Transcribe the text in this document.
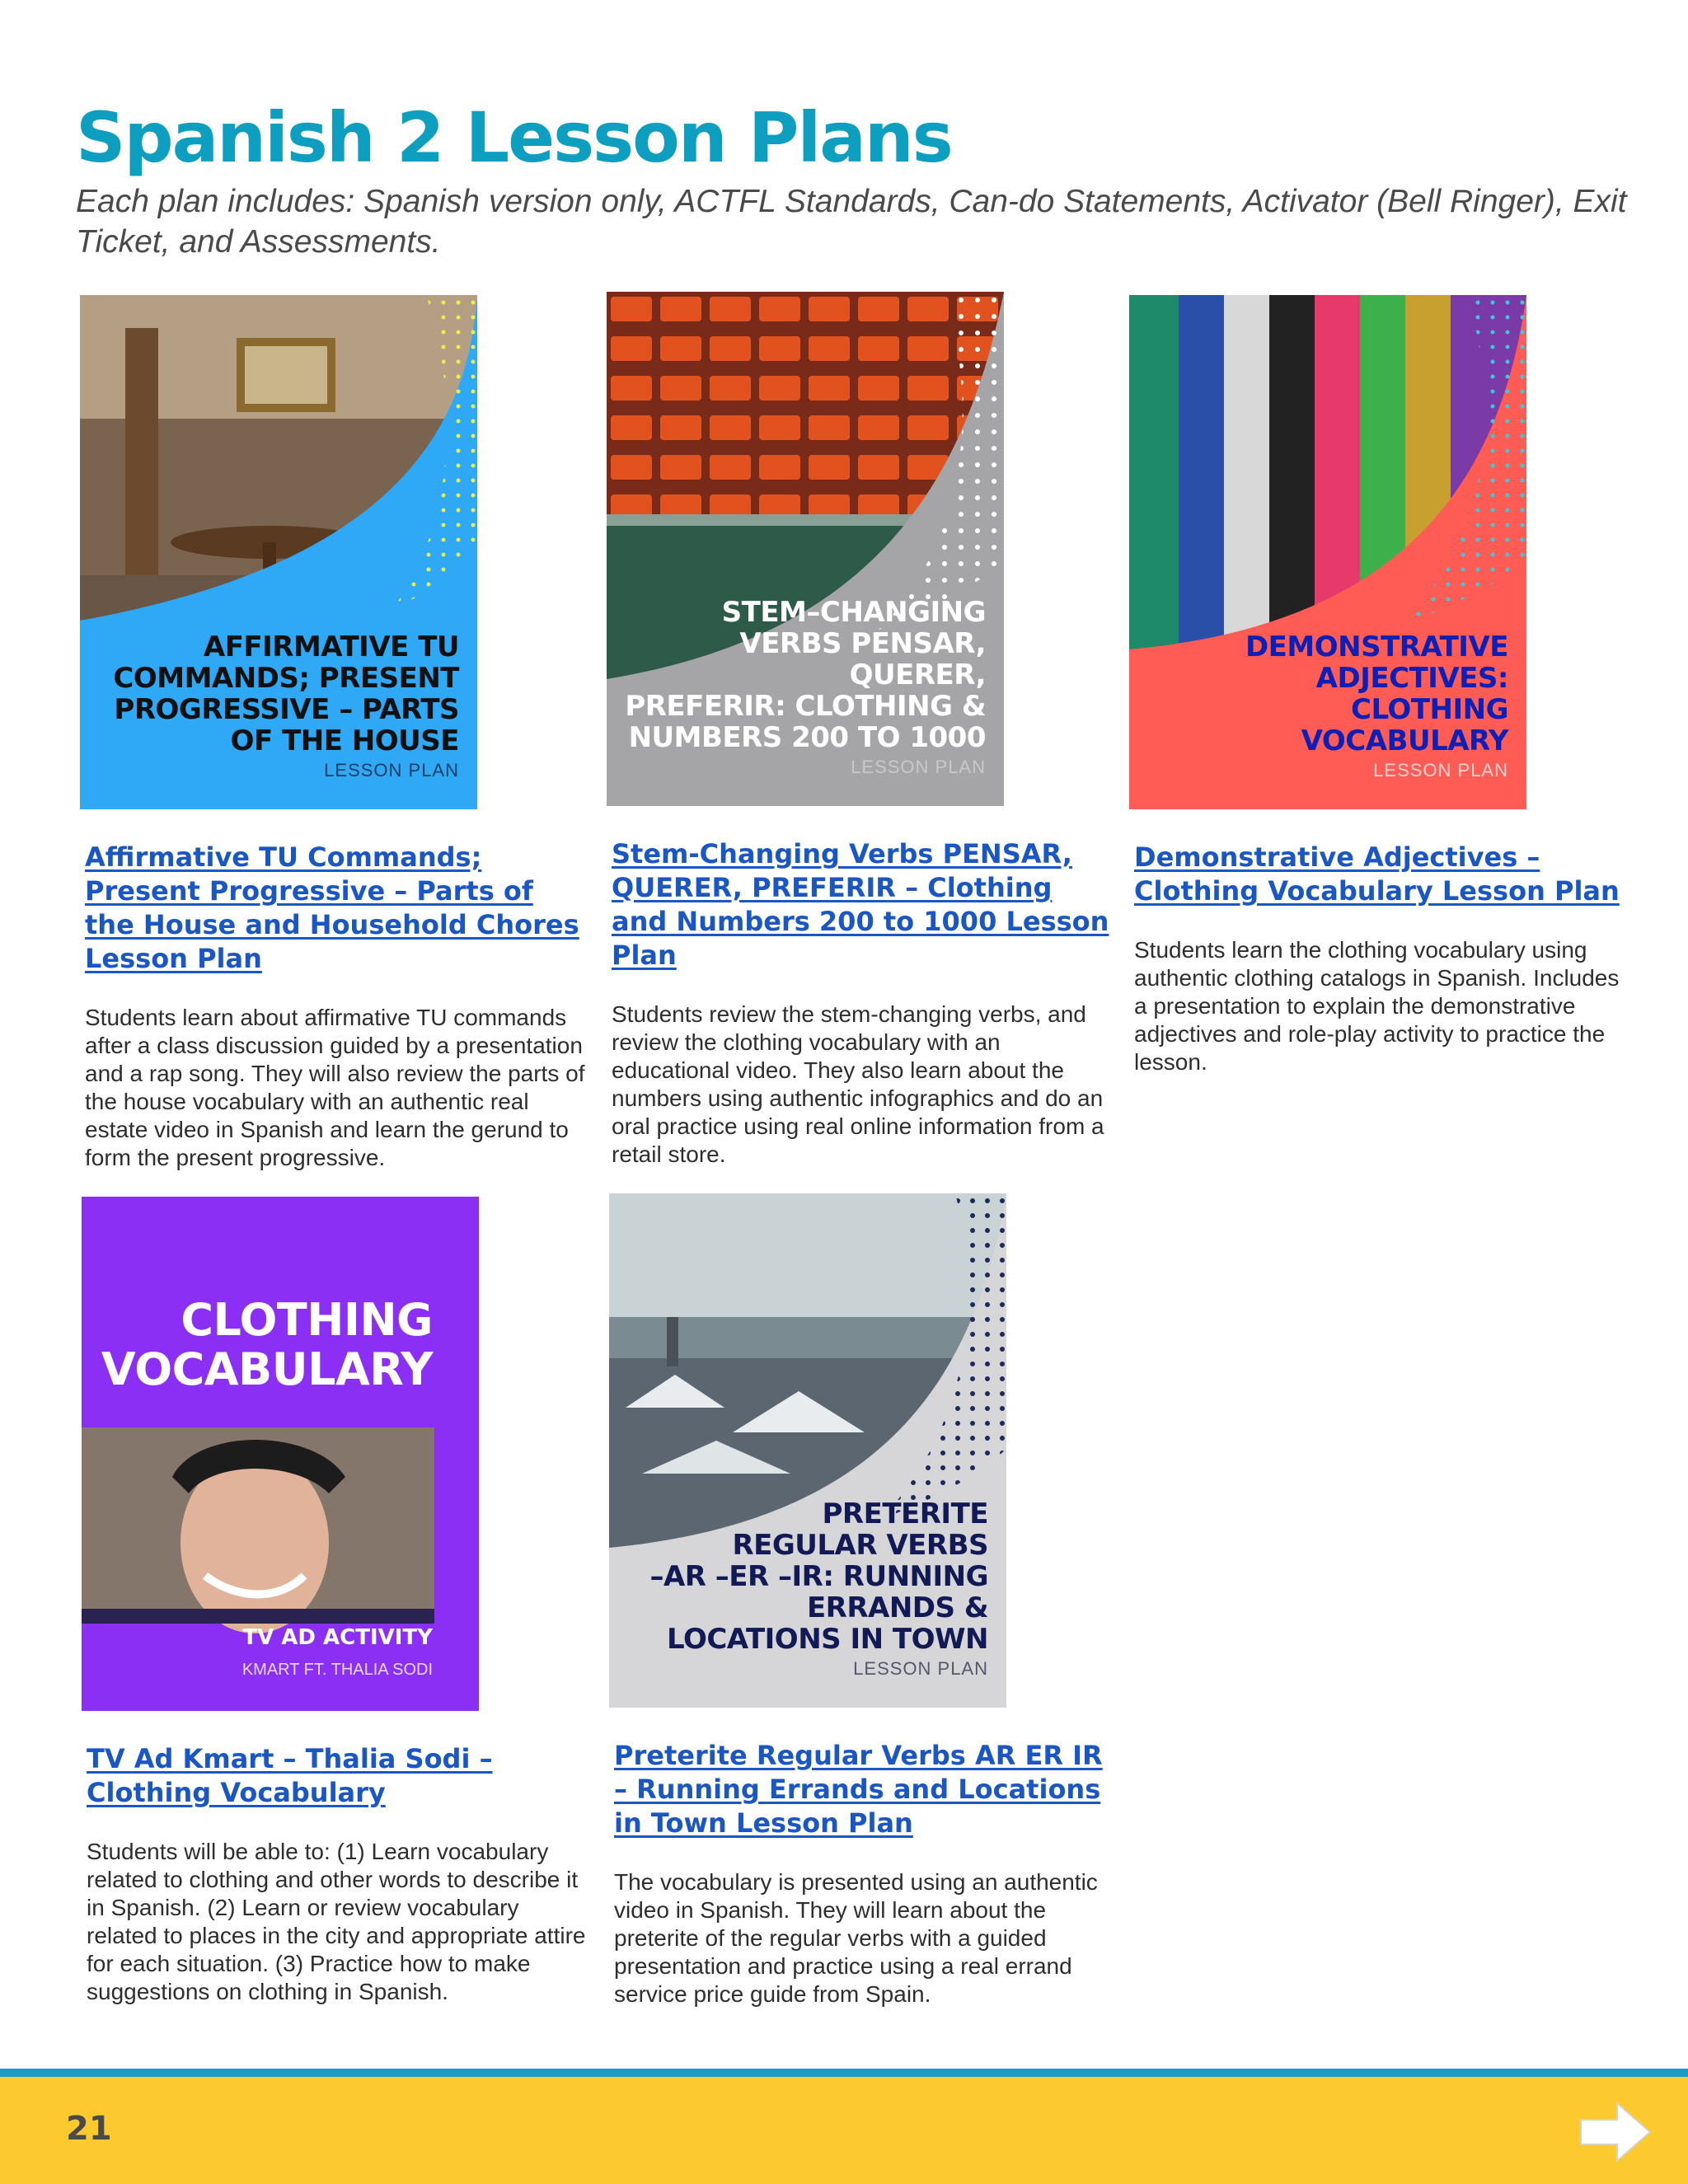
Spanish 2 Lesson Plans
Each plan includes: Spanish version only, ACTFL Standards, Can-do Statements, Activator (Bell Ringer), Exit Ticket, and Assessments.
AFFIRMATIVE TU
COMMANDS; PRESENT
PROGRESSIVE – PARTS
OF THE HOUSE
LESSON PLAN
Affirmative TU Commands; Present Progressive – Parts of the House and Household Chores Lesson Plan

Students learn about affirmative TU commands after a class discussion guided by a presentation and a rap song. They will also review the parts of the house vocabulary with an authentic real estate video in Spanish and learn the gerund to form the present progressive.

STEM–CHANGING
VERBS PENSAR, QUERER,
PREFERIR: CLOTHING &
NUMBERS 200 TO 1000
LESSON PLAN
Stem-Changing Verbs PENSAR, QUERER, PREFERIR – Clothing and Numbers 200 to 1000 Lesson Plan

Students review the stem-changing verbs, and review the clothing vocabulary with an educational video. They also learn about the numbers using authentic infographics and do an oral practice using real online information from a retail store.

DEMONSTRATIVE
ADJECTIVES:
CLOTHING
VOCABULARY
LESSON PLAN
Demonstrative Adjectives – Clothing Vocabulary Lesson Plan

Students learn the clothing vocabulary using authentic clothing catalogs in Spanish. Includes a presentation to explain the demonstrative adjectives and role-play activity to practice the lesson.

CLOTHING
VOCABULARY
TV AD ACTIVITY
KMART FT. THALIA SODI
TV Ad Kmart – Thalia Sodi – Clothing Vocabulary

Students will be able to: (1) Learn vocabulary related to clothing and other words to describe it in Spanish. (2) Learn or review vocabulary related to places in the city and appropriate attire for each situation. (3) Practice how to make suggestions on clothing in Spanish.

PRETERITE
REGULAR VERBS
–AR –ER –IR: RUNNING
ERRANDS &
LOCATIONS IN TOWN
LESSON PLAN
Preterite Regular Verbs AR ER IR – Running Errands and Locations in Town Lesson Plan

The vocabulary is presented using an authentic video in Spanish. They will learn about the preterite of the regular verbs with a guided presentation and practice using a real errand service price guide from Spain.

21
